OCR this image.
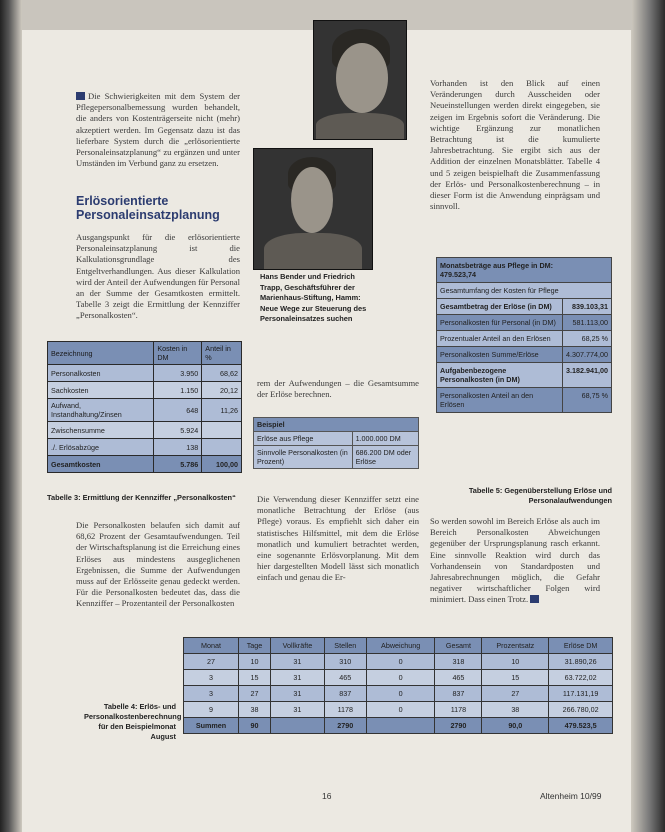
Die Schwierigkeiten mit dem System der Pflegepersonalbemessung wurden behandelt, die anders von Kostenträgerseite nicht (mehr) akzeptiert werden. Im Gegensatz dazu ist das lieferbare System durch die „erlösorientierte Personaleinsatzplanung“ zu ergänzen und unter Umständen im Verbund ganz zu ersetzen.
Erlösorientierte
Personaleinsatzplanung
Ausgangspunkt für die erlösorientierte Personaleinsatzplanung ist die Kalkulationsgrundlage des Entgeltverhandlungen. Aus dieser Kalkulation wird der Anteil der Aufwendungen für Personal an der Summe der Gesamtkosten ermittelt. Tabelle 3 zeigt die Ermittlung der Kennziffer „Personalkosten“.
Bezeichnung	Kosten in DM	Anteil in %
Personalkosten	3.950	68,62
Sachkosten	1.150	20,12
Aufwand, Instandhaltung/Zinsen	648	11,26
Zwischensumme	5.924	
./. Erlösabzüge	138	
Gesamtkosten	5.786	100,00
Tabelle 3: Ermittlung der Kennziffer „Personalkosten“
Hans Bender und Friedrich Trapp, Geschäftsführer der Marienhaus-Stiftung, Hamm: Neue Wege zur Steuerung des Personaleinsatzes suchen
rem der Aufwendungen – die Gesamtsumme der Erlöse berechnen.
Beispiel	
Erlöse aus Pflege	1.000.000 DM
Sinnvolle Personalkosten (in Prozent)	686.200 DM oder Erlöse
Vorhanden ist den Blick auf einen Veränderungen durch Ausscheiden oder Neueinstellungen werden direkt eingegeben, sie zeigen im Ergebnis sofort die Veränderung. Die wichtige Ergänzung zur monatlichen Betrachtung ist die kumulierte Jahresbetrachtung. Sie ergibt sich aus der Addition der einzelnen Monatsblätter. Tabelle 4 und 5 zeigen beispielhaft die Zusammenfassung der Erlös- und Personalkostenberechnung – in dieser Form ist die Anwendung einprägsam und sinnvoll.
Monatsbeträge aus Pflege in DM:
479.523,74	
Gesamtumfang der Kosten für Pflege	
Gesamtbetrag der Erlöse (in DM)	839.103,31
Personalkosten für Personal (in DM)	581.113,00
Prozentualer Anteil an den Erlösen	68,25 %
Personalkosten Summe/Erlöse	4.307.774,00
Aufgabenbezogene Personalkosten (in DM)	3.182.941,00
Personalkosten Anteil an den Erlösen	68,75 %
Tabelle 5: Gegenüberstellung Erlöse und Personalaufwendungen
Die Personalkosten belaufen sich damit auf 68,62 Prozent der Gesamtaufwendungen. Teil der Wirtschaftsplanung ist die Erreichung eines Erlöses aus mindestens ausgeglichenen Ergebnissen, die Summe der Aufwendungen muss auf der Erlösseite genau gedeckt werden. Für die Personalkosten bedeutet das, dass die Kennziffer – Prozentanteil der Personalkosten
Die Verwendung dieser Kennziffer setzt eine monatliche Betrachtung der Erlöse (aus Pflege) voraus. Es empfiehlt sich daher ein statistisches Hilfsmittel, mit dem die Erlöse monatlich und kumuliert betrachtet werden, eine sogenannte Erlösvorplanung. Mit dem hier dargestellten Modell lässt sich monatlich einfach und genau die Er-
So werden sowohl im Bereich Erlöse als auch im Bereich Personalkosten Abweichungen gegenüber der Ursprungsplanung rasch erkannt. Eine sinnvolle Reaktion wird durch das Vorhandensein von Standardposten und Jahresabrechnungen möglich, die Gefahr negativer wirtschaftlicher Folgen wird minimiert. Dass einen Trotz.
Monat	Tage	Vollkräfte	Stellen	Abweichung	Gesamt	Prozentsatz	Erlöse DM
27	10	31	310	0	318	10	31.890,26
3	15	31	465	0	465	15	63.722,02
3	27	31	837	0	837	27	117.131,19
9	38	31	1178	0	1178	38	266.780,02
Summen	90		2790		2790	90,0	479.523,5
Tabelle 4: Erlös- und Personalkostenberechnung für den Beispielmonat August
16	Altenheim 10/99
